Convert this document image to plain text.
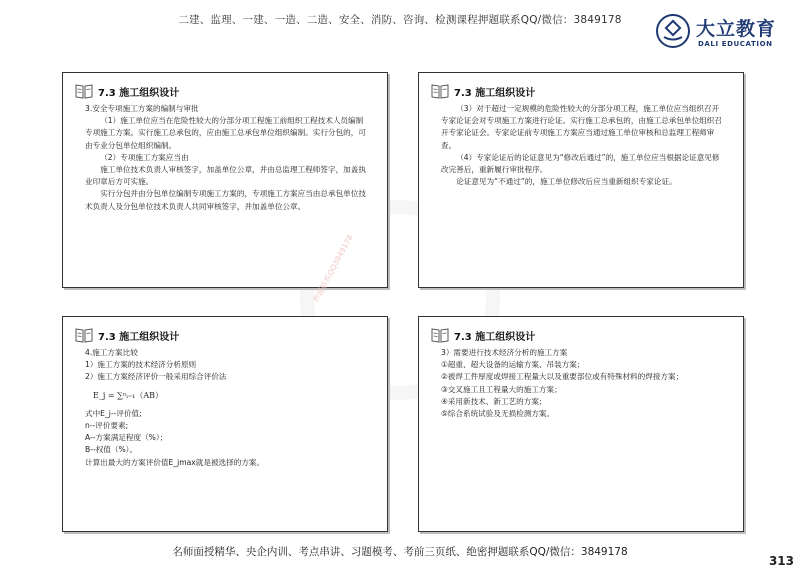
二建、监理、一建、一造、二造、安全、消防、咨询、检测课程押题联系QQ/微信：3849178	大立教育
DALI EDUCATION
7.3 施工组织设计

3.安全专项施工方案的编制与审批

（1）施工单位应当在危险性较大的分部分项工程施工前组织工程技术人员编制专项施工方案。实行施工总承包的，应由施工总承包单位组织编制。实行分包的，可由专业分包单位组织编制。

（2）专项施工方案应当由

施工单位技术负责人审核签字，加盖单位公章，并由总监理工程师签字，加盖执业印章后方可实施。

实行分包并由分包单位编制专项施工方案的，专项施工方案应当由总承包单位技术负责人及分包单位技术负责人共同审核签字，并加盖单位公章。

押题联系QQ3849178
7.3 施工组织设计

（3）对于超过一定规模的危险性较大的分部分项工程，施工单位应当组织召开专家论证会对专项施工方案进行论证。实行施工总承包的，由施工总承包单位组织召开专家论证会。专家论证前专项施工方案应当通过施工单位审核和总监理工程师审查。

（4）专家论证后的论证意见为“修改后通过”的，施工单位应当根据论证意见修改完善后，重新履行审批程序。

论证意见为“不通过”的，施工单位修改后应当重新组织专家论证。

7.3 施工组织设计

4.施工方案比较

1）施工方案的技术经济分析原则

2）施工方案经济评价一般采用综合评价法

E_j = ∑ⁿᵢ₌₁（AB）

式中E_j--评价值;

n--评价要素;

A--方案满足程度（%）；

B--权值（%）。

计算出最大的方案评价值E_jmax就是被选择的方案。

7.3 施工组织设计

3）需要进行技术经济分析的施工方案

①超重、超大设备的运输方案、吊装方案；

②被焊工件厚度或焊接工程量大以及重要部位或有特殊材料的焊接方案；

③交叉施工且工程量大的施工方案；

④采用新技术、新工艺的方案；

⑤综合系统试验及无损检测方案。

名师面授精华、央企内训、考点串讲、习题模考、考前三页纸、绝密押题联系QQ/微信：3849178
313
